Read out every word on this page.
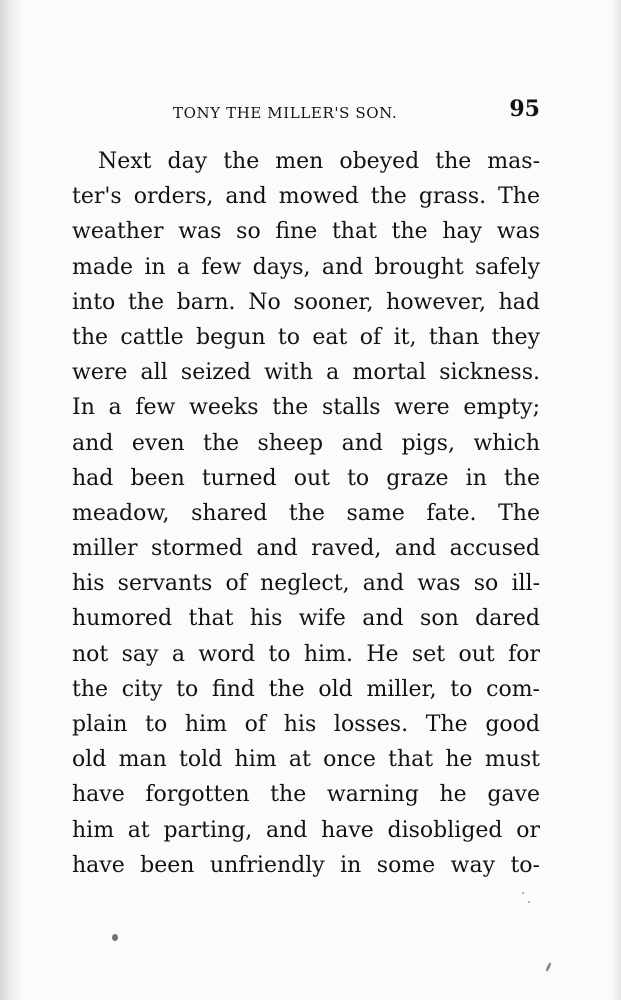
TONY THE MILLER'S SON.	95
Next day the men obeyed the mas-
ter's orders, and mowed the grass. The
weather was so fine that the hay was
made in a few days, and brought safely
into the barn. No sooner, however, had
the cattle begun to eat of it, than they
were all seized with a mortal sickness.
In a few weeks the stalls were empty;
and even the sheep and pigs, which
had been turned out to graze in the
meadow, shared the same fate. The
miller stormed and raved, and accused
his servants of neglect, and was so ill-
humored that his wife and son dared
not say a word to him. He set out for
the city to find the old miller, to com-
plain to him of his losses. The good
old man told him at once that he must
have forgotten the warning he gave
him at parting, and have disobliged or
have been unfriendly in some way to-
